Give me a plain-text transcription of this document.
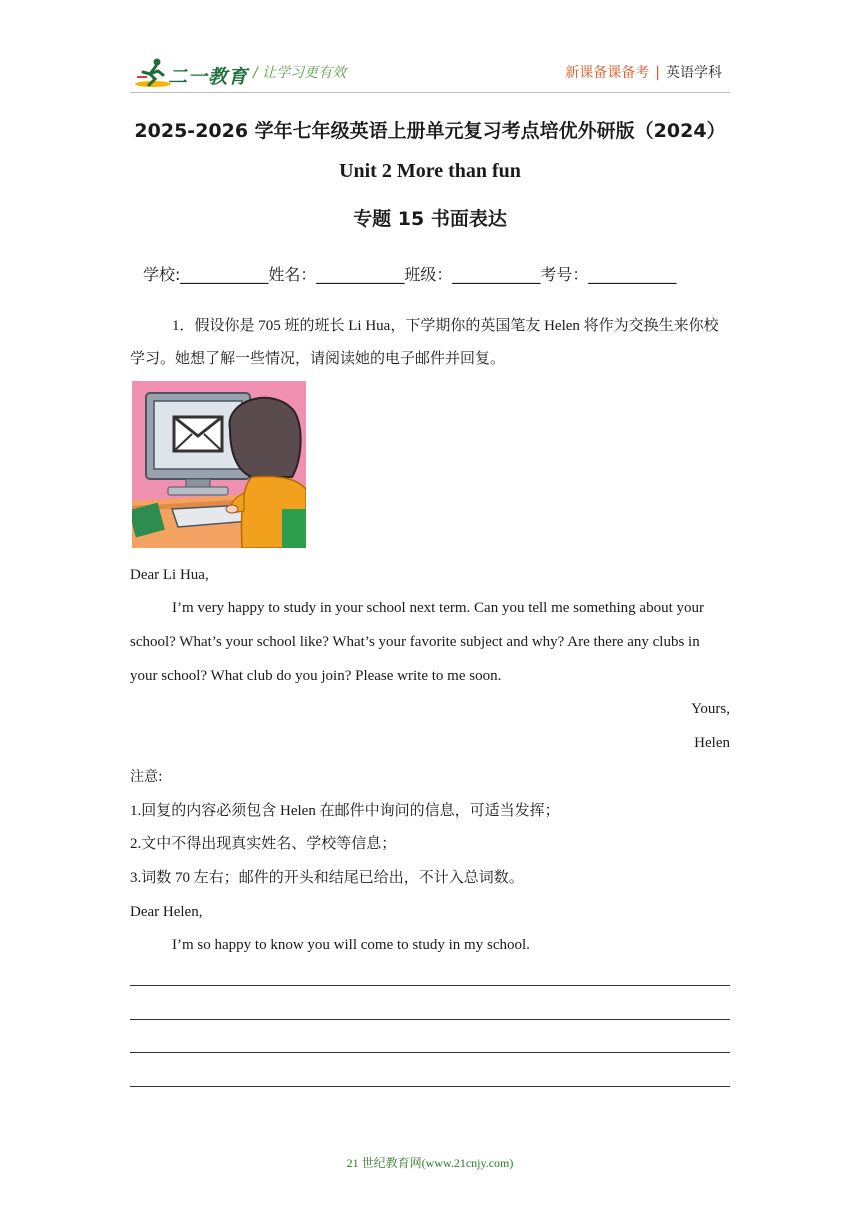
二一教育 / 让学习更有效	新课备课备考 | 英语学科
2025-2026 学年七年级英语上册单元复习考点培优外研版（2024）
Unit 2 More than fun
专题 15 书面表达
学校:___________姓名：___________班级：___________考号：___________
1．假设你是 705 班的班长 Li Hua，下学期你的英国笔友 Helen 将作为交换生来你校
学习。她想了解一些情况，请阅读她的电子邮件并回复。
Dear Li Hua,
I’m very happy to study in your school next term. Can you tell me something about your
school? What’s your school like? What’s your favorite subject and why? Are there any clubs in
your school? What club do you join? Please write to me soon.
Yours,
Helen
注意:
1.回复的内容必须包含 Helen 在邮件中询问的信息，可适当发挥；
2.文中不得出现真实姓名、学校等信息；
3.词数 70 左右；邮件的开头和结尾已给出，不计入总词数。
Dear Helen,
I’m so happy to know you will come to study in my school.
21 世纪教育网(www.21cnjy.com)
